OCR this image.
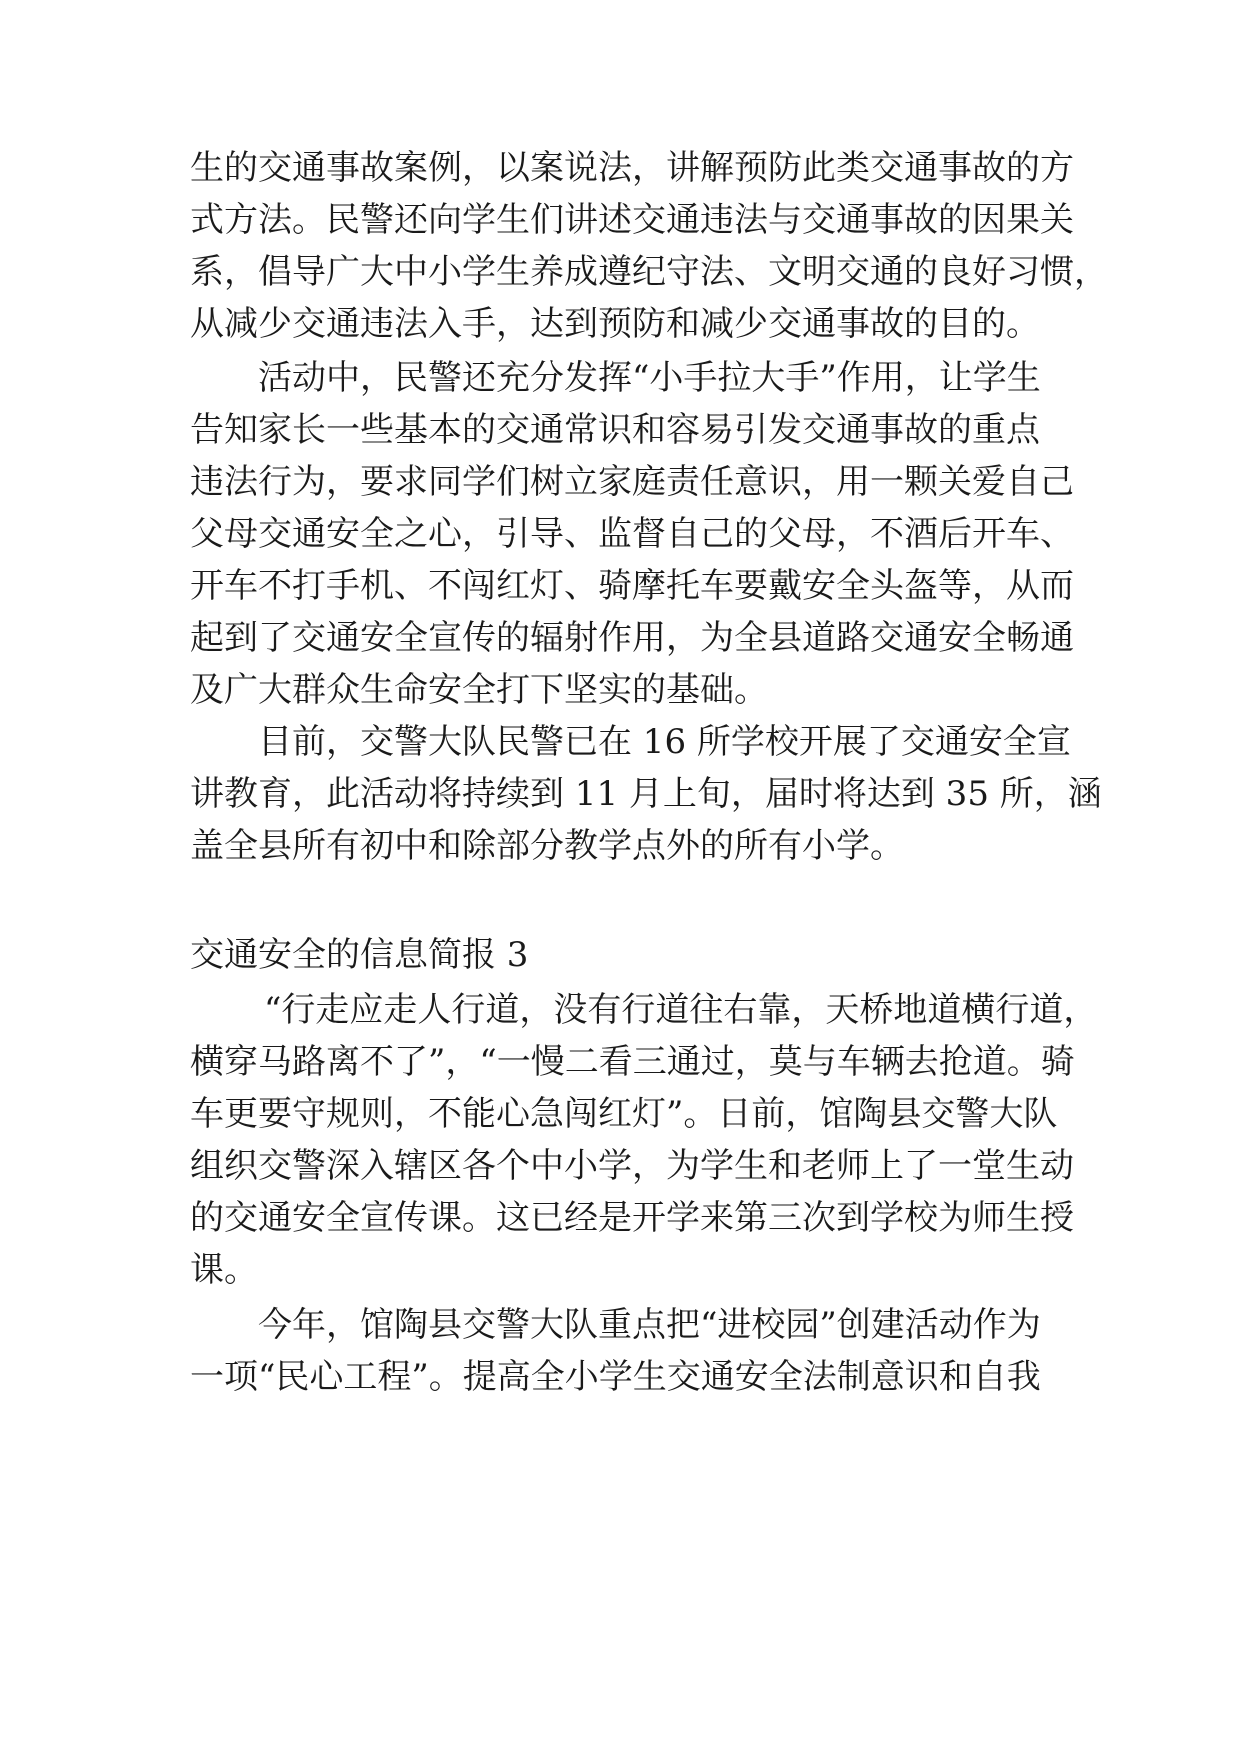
生的交通事故案例，以案说法，讲解预防此类交通事故的方
式方法。民警还向学生们讲述交通违法与交通事故的因果关
系，倡导广大中小学生养成遵纪守法、文明交通的良好习惯，
从减少交通违法入手，达到预防和减少交通事故的目的。
活动中，民警还充分发挥“小手拉大手”作用，让学生
告知家长一些基本的交通常识和容易引发交通事故的重点
违法行为，要求同学们树立家庭责任意识，用一颗关爱自己
父母交通安全之心，引导、监督自己的父母，不酒后开车、
开车不打手机、不闯红灯、骑摩托车要戴安全头盔等，从而
起到了交通安全宣传的辐射作用，为全县道路交通安全畅通
及广大群众生命安全打下坚实的基础。
目前，交警大队民警已在 16 所学校开展了交通安全宣
讲教育，此活动将持续到 11 月上旬，届时将达到 35 所，涵
盖全县所有初中和除部分教学点外的所有小学。
交通安全的信息简报 3
“行走应走人行道，没有行道往右靠，天桥地道横行道，
横穿马路离不了”，“一慢二看三通过，莫与车辆去抢道。骑
车更要守规则，不能心急闯红灯”。日前，馆陶县交警大队
组织交警深入辖区各个中小学，为学生和老师上了一堂生动
的交通安全宣传课。这已经是开学来第三次到学校为师生授
课。
今年，馆陶县交警大队重点把“进校园”创建活动作为
一项“民心工程”。提高全小学生交通安全法制意识和自我
